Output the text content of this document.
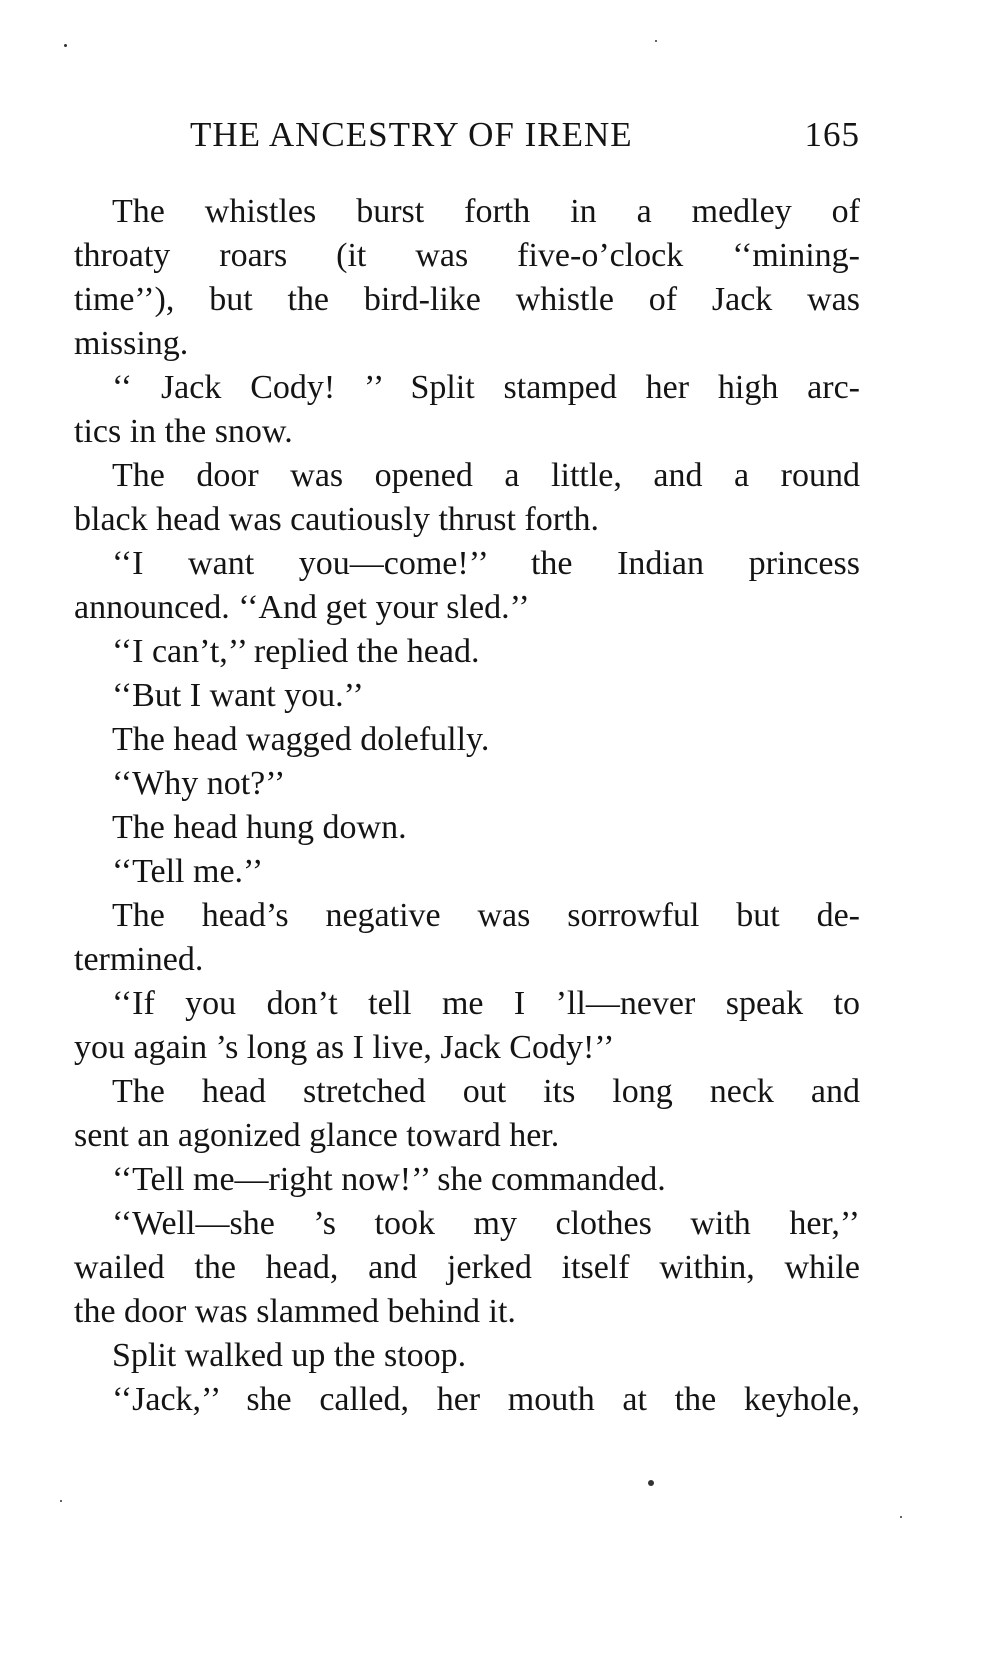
THE ANCESTRY OF IRENE	165
The whistles burst forth in a medley of
throaty roars (it was five-o’clock ‘‘mining-
time’’), but the bird-like whistle of Jack was
missing.
‘‘ Jack Cody! ’’ Split stamped her high arc-
tics in the snow.
The door was opened a little, and a round
black head was cautiously thrust forth.
‘‘I want you—come!’’ the Indian princess
announced. ‘‘And get your sled.’’
‘‘I can’t,’’ replied the head.
‘‘But I want you.’’
The head wagged dolefully.
‘‘Why not?’’
The head hung down.
‘‘Tell me.’’
The head’s negative was sorrowful but de-
termined.
‘‘If you don’t tell me I ’ll—never speak to
you again ’s long as I live, Jack Cody!’’
The head stretched out its long neck and
sent an agonized glance toward her.
‘‘Tell me—right now!’’ she commanded.
‘‘Well—she ’s took my clothes with her,’’
wailed the head, and jerked itself within, while
the door was slammed behind it.
Split walked up the stoop.
‘‘Jack,’’ she called, her mouth at the keyhole,
